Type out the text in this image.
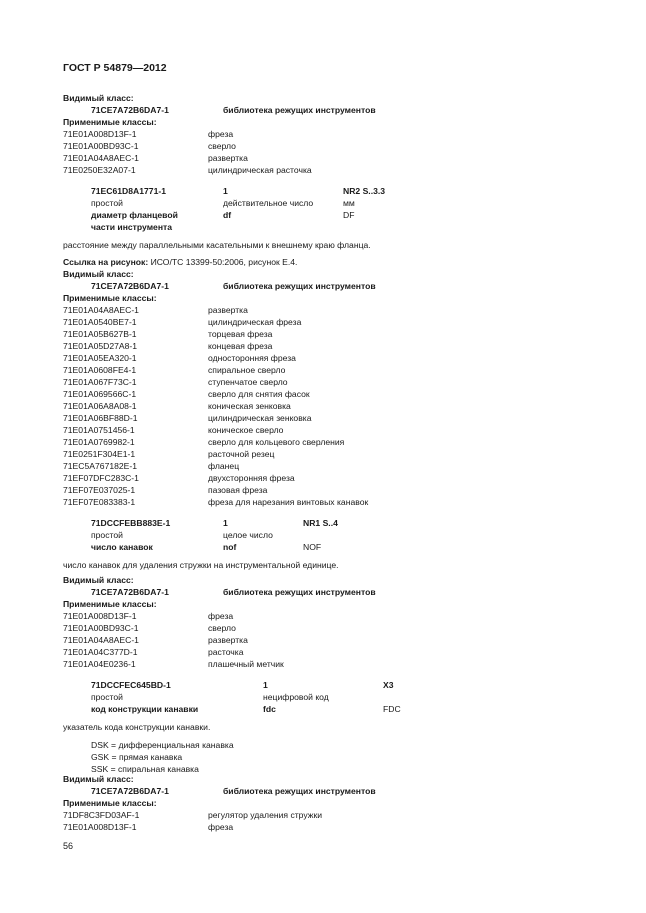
ГОСТ Р 54879—2012
Видимый класс:
71CE7A72B6DA7-1	библиотека режущих инструментов
Применимые классы:
71E01A008D13F-1	фреза
71E01A00BD93C-1	сверло
71E01A04A8AEC-1	развертка
71E0250E32A07-1	цилиндрическая расточка
71EC61D8A1771-1	1	NR2 S..3.3
простой	действительное число	мм
диаметр фланцевой	df	DF
части инструмента
расстояние между параллельными касательными к внешнему краю фланца.
Ссылка на рисунок: ИСО/ТС 13399-50:2006, рисунок Е.4.
Видимый класс:
71CE7A72B6DA7-1	библиотека режущих инструментов
Применимые классы:
71E01A04A8AEC-1	развертка
71E01A0540BE7-1	цилиндрическая фреза
71E01A05B627B-1	торцевая фреза
71E01A05D27A8-1	концевая фреза
71E01A05EA320-1	односторонняя фреза
71E01A0608FE4-1	спиральное сверло
71E01A067F73C-1	ступенчатое сверло
71E01A069566C-1	сверло для снятия фасок
71E01A06A8A08-1	коническая зенковка
71E01A06BF88D-1	цилиндрическая зенковка
71E01A0751456-1	коническое сверло
71E01A0769982-1	сверло для кольцевого сверления
71E0251F304E1-1	расточной резец
71EC5A767182E-1	фланец
71EF07DFC283C-1	двухсторонняя фреза
71EF07E037025-1	пазовая фреза
71EF07E083383-1	фреза для нарезания винтовых канавок
71DCCFEBB883E-1	1	NR1 S..4
простой	целое число
число канавок	nof	NOF
число канавок для удаления стружки на инструментальной единице.
Видимый класс:
71CE7A72B6DA7-1	библиотека режущих инструментов
Применимые классы:
71E01A008D13F-1	фреза
71E01A00BD93C-1	сверло
71E01A04A8AEC-1	развертка
71E01A04C377D-1	расточка
71E01A04E0236-1	плашечный метчик
71DCCFEC645BD-1	1	X3
простой	нецифровой код
код конструкции канавки	fdc	FDC
указатель кода конструкции канавки.
DSK = дифференциальная канавка
GSK = прямая канавка
SSK = спиральная канавка
Видимый класс:
71CE7A72B6DA7-1	библиотека режущих инструментов
Применимые классы:
71DF8C3FD03AF-1	регулятор удаления стружки
71E01A008D13F-1	фреза
56
